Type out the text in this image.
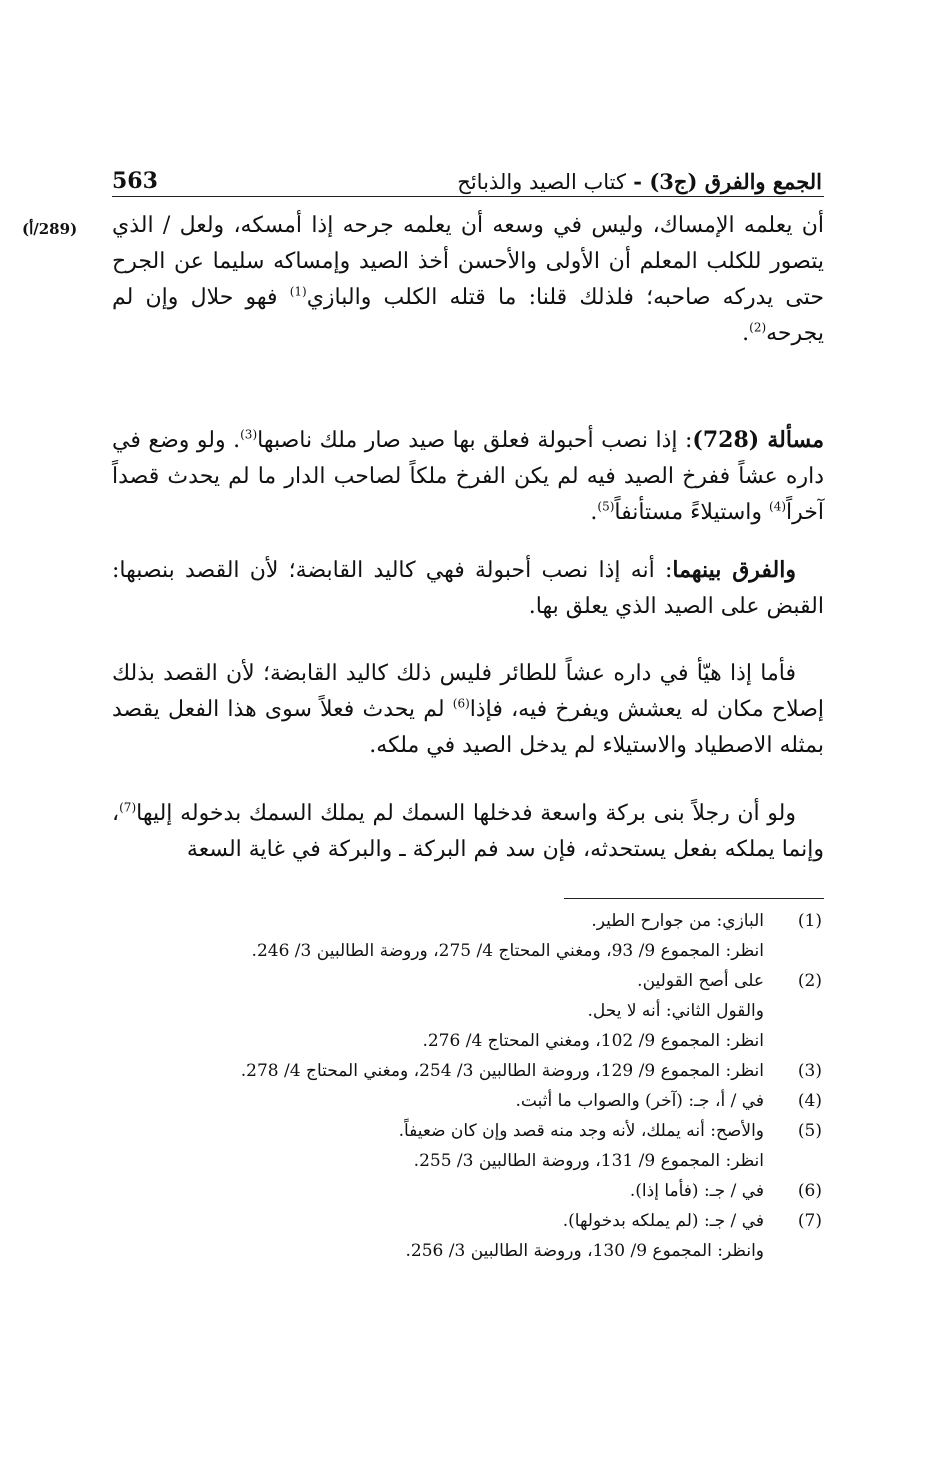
563	الجمع والفرق (ج3) - كتاب الصيد والذبائح
(289/أ) أن يعلمه الإمساك، وليس في وسعه أن يعلمه جرحه إذا أمسكه، ولعل / الذي يتصور للكلب المعلم أن الأولى والأحسن أخذ الصيد وإمساكه سليما عن الجرح حتى يدركه صاحبه؛ فلذلك قلنا: ما قتله الكلب والبازي$^{(1)}$ فهو حلال وإن لم يجرحه$^{(2)}$.

مسألة (728): إذا نصب أحبولة فعلق بها صيد صار ملك ناصبها$^{(3)}$. ولو وضع في داره عشاً ففرخ الصيد فيه لم يكن الفرخ ملكاً لصاحب الدار ما لم يحدث قصداً آخراً$^{(4)}$ واستيلاءً مستأنفاً$^{(5)}$.

والفرق بينهما: أنه إذا نصب أحبولة فهي كاليد القابضة؛ لأن القصد بنصبها: القبض على الصيد الذي يعلق بها.

فأما إذا هيّأ في داره عشاً للطائر فليس ذلك كاليد القابضة؛ لأن القصد بذلك إصلاح مكان له يعشش ويفرخ فيه، فإذا$^{(6)}$ لم يحدث فعلاً سوى هذا الفعل يقصد بمثله الاصطياد والاستيلاء لم يدخل الصيد في ملكه.

ولو أن رجلاً بنى بركة واسعة فدخلها السمك لم يملك السمك بدخوله إليها$^{(7)}$، وإنما يملكه بفعل يستحدثه، فإن سد فم البركة ـ والبركة في غاية السعة

(1)
البازي: من جوارح الطير.
انظر: المجموع 9/ 93، ومغني المحتاج 4/ 275، وروضة الطالبين 3/ 246.
(2)
على أصح القولين.
والقول الثاني: أنه لا يحل.
انظر: المجموع 9/ 102، ومغني المحتاج 4/ 276.
(3)
انظر: المجموع 9/ 129، وروضة الطالبين 3/ 254، ومغني المحتاج 4/ 278.
(4)
في / أ، جـ: (آخر) والصواب ما أثبت.
(5)
والأصح: أنه يملك، لأنه وجد منه قصد وإن كان ضعيفاً.
انظر: المجموع 9/ 131، وروضة الطالبين 3/ 255.
(6)
في / جـ: (فأما إذا).
(7)
في / جـ: (لم يملكه بدخولها).
وانظر: المجموع 9/ 130، وروضة الطالبين 3/ 256.
